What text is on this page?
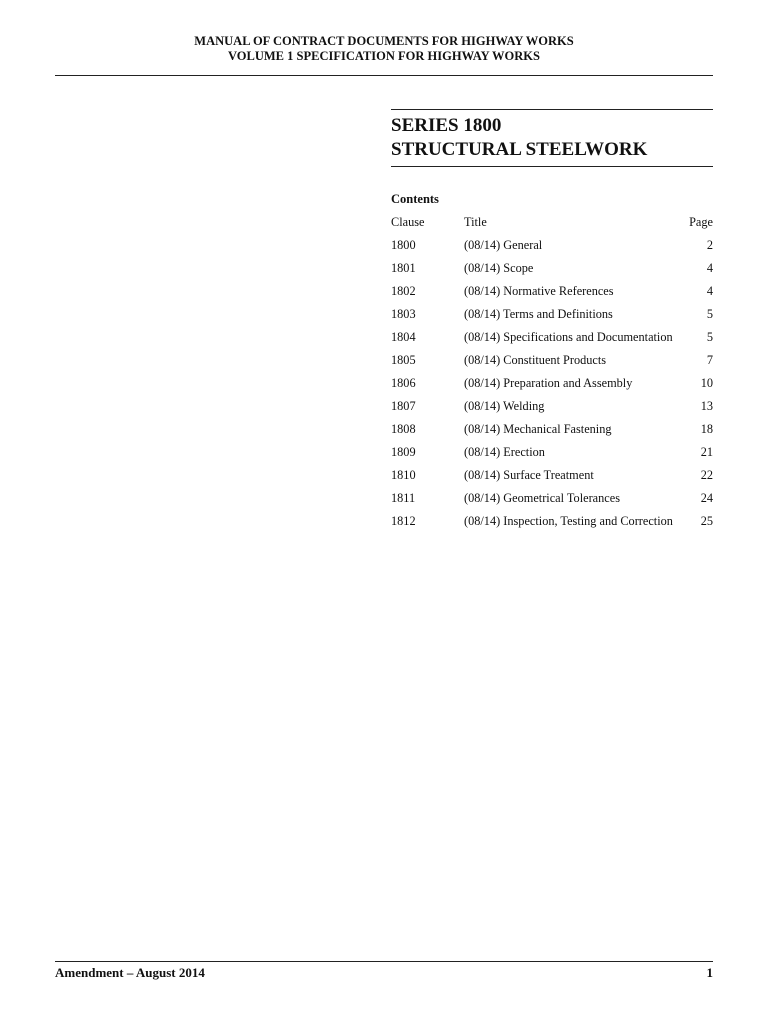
MANUAL OF CONTRACT DOCUMENTS FOR HIGHWAY WORKS
VOLUME 1 SPECIFICATION FOR HIGHWAY WORKS
SERIES 1800
STRUCTURAL STEELWORK
Contents
Clause	Title	Page
1800	(08/14) General	2
1801	(08/14) Scope	4
1802	(08/14) Normative References	4
1803	(08/14) Terms and Definitions	5
1804	(08/14) Specifications and Documentation	5
1805	(08/14) Constituent Products	7
1806	(08/14) Preparation and Assembly	10
1807	(08/14) Welding	13
1808	(08/14) Mechanical Fastening	18
1809	(08/14) Erection	21
1810	(08/14) Surface Treatment	22
1811	(08/14) Geometrical Tolerances	24
1812	(08/14) Inspection, Testing and Correction 25
Amendment – August 2014	1
